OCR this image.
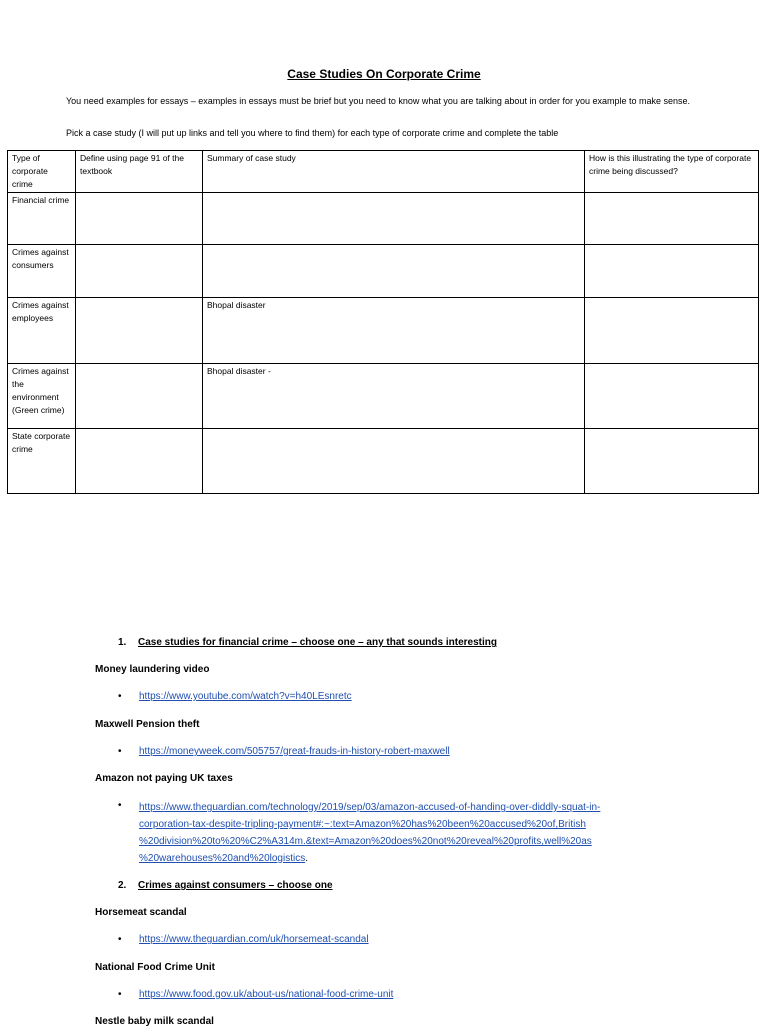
Case Studies On Corporate Crime
You need examples for essays – examples in essays must be brief but you need to know what you are talking about in order for you example to make sense.
Pick a case study (I will put up links and tell you where to find them) for each type of corporate crime and complete the table
Type of corporate crime	Define using page 91 of the textbook	Summary of case study	How is this illustrating the type of corporate crime being discussed?
Financial crime			
Crimes against consumers			
Crimes against employees		Bhopal disaster	
Crimes against the environment (Green crime)		Bhopal disaster -	
State corporate crime			
1. Case studies for financial crime – choose one – any that sounds interesting
Money laundering video
• https://www.youtube.com/watch?v=h40LEsnretc
Maxwell Pension theft
• https://moneyweek.com/505757/great-frauds-in-history-robert-maxwell
Amazon not paying UK taxes
•	https://www.theguardian.com/technology/2019/sep/03/amazon-accused-of-handing-over-diddly-squat-in-
corporation-tax-despite-tripling-payment#:~:text=Amazon%20has%20been%20accused%20of,British
%20division%20to%20%C2%A314m.&text=Amazon%20does%20not%20reveal%20profits,well%20as
%20warehouses%20and%20logistics.
2. Crimes against consumers – choose one
Horsemeat scandal
• https://www.theguardian.com/uk/horsemeat-scandal
National Food Crime Unit
• https://www.food.gov.uk/about-us/national-food-crime-unit
Nestle baby milk scandal
